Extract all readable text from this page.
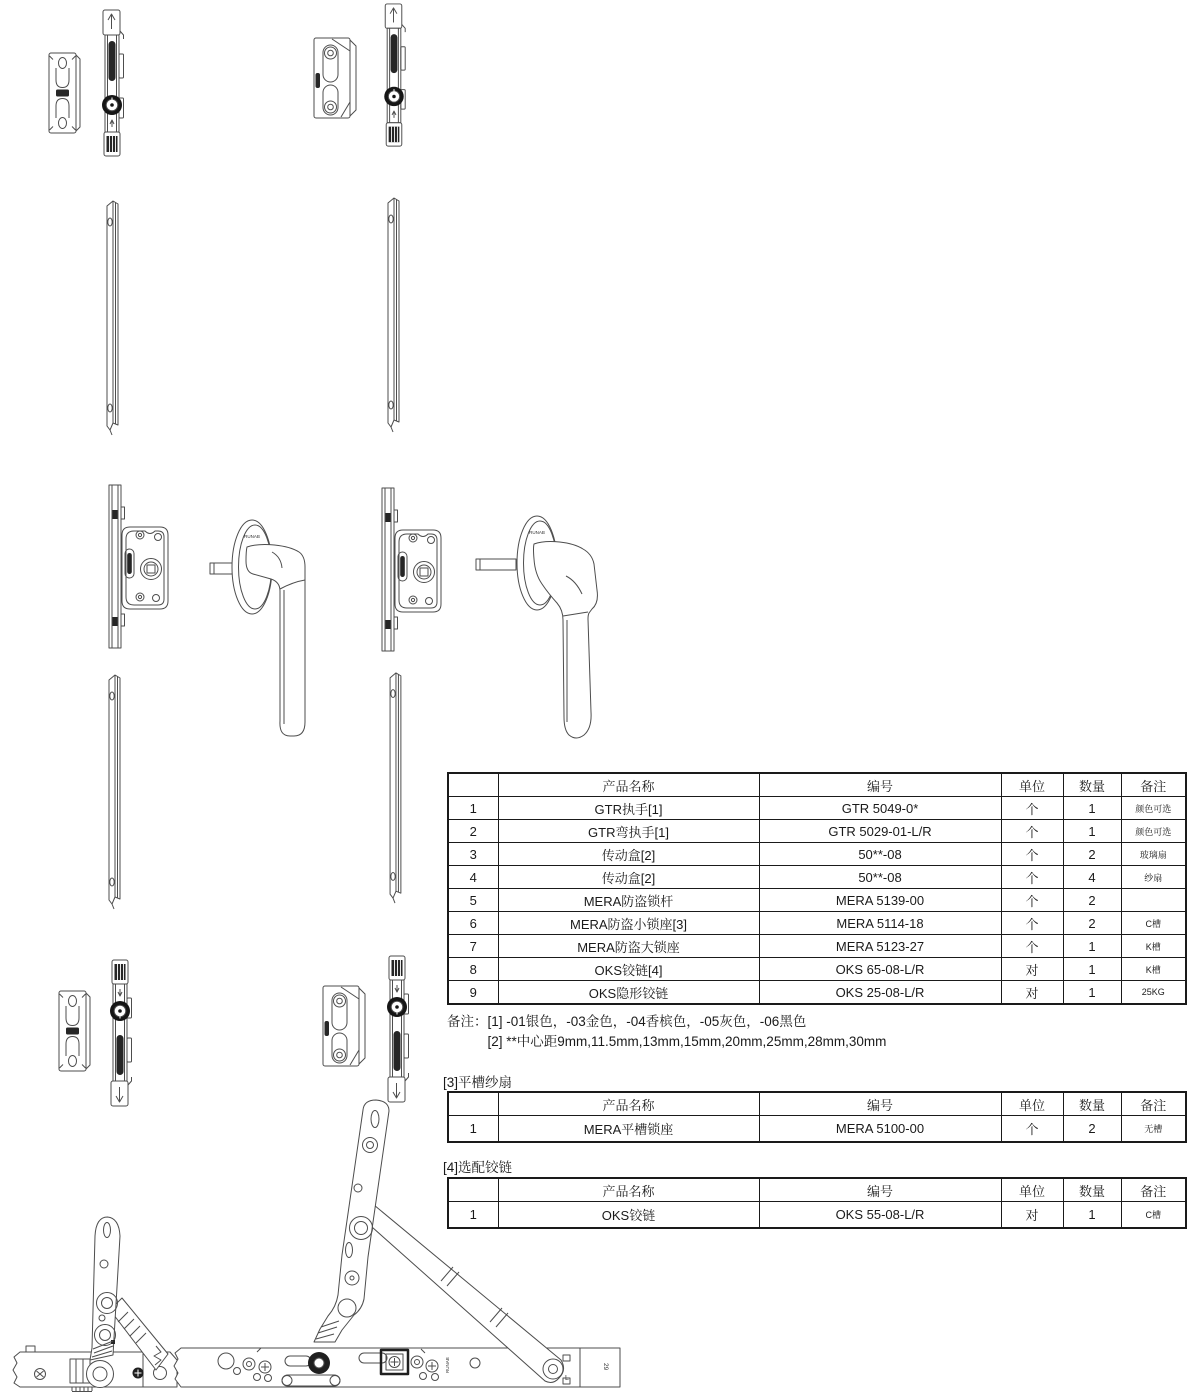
RUNAB
RUNAB
RUNAB
L
29
	产品名称	编号	单位	数量	备注
1	GTR执手[1]	GTR 5049-0*	个	1	颜色可选
2	GTR弯执手[1]	GTR 5029-01-L/R	个	1	颜色可选
3	传动盒[2]	50**-08	个	2	玻璃扇
4	传动盒[2]	50**-08	个	4	纱扇
5	MERA防盗锁杆	MERA 5139-00	个	2	
6	MERA防盗小锁座[3]	MERA 5114-18	个	2	C槽
7	MERA防盗大锁座	MERA 5123-27	个	1	K槽
8	OKS铰链[4]	OKS 65-08-L/R	对	1	K槽
9	OKS隐形铰链	OKS 25-08-L/R	对	1	25KG
备注： [1] -01银色，-03金色，-04香槟色，-05灰色，-06黑色
[2] **中心距9mm,11.5mm,13mm,15mm,20mm,25mm,28mm,30mm
[3]平槽纱扇
	产品名称	编号	单位	数量	备注
1	MERA平槽锁座	MERA 5100-00	个	2	无槽
[4]选配铰链
	产品名称	编号	单位	数量	备注
1	OKS铰链	OKS 55-08-L/R	对	1	C槽
